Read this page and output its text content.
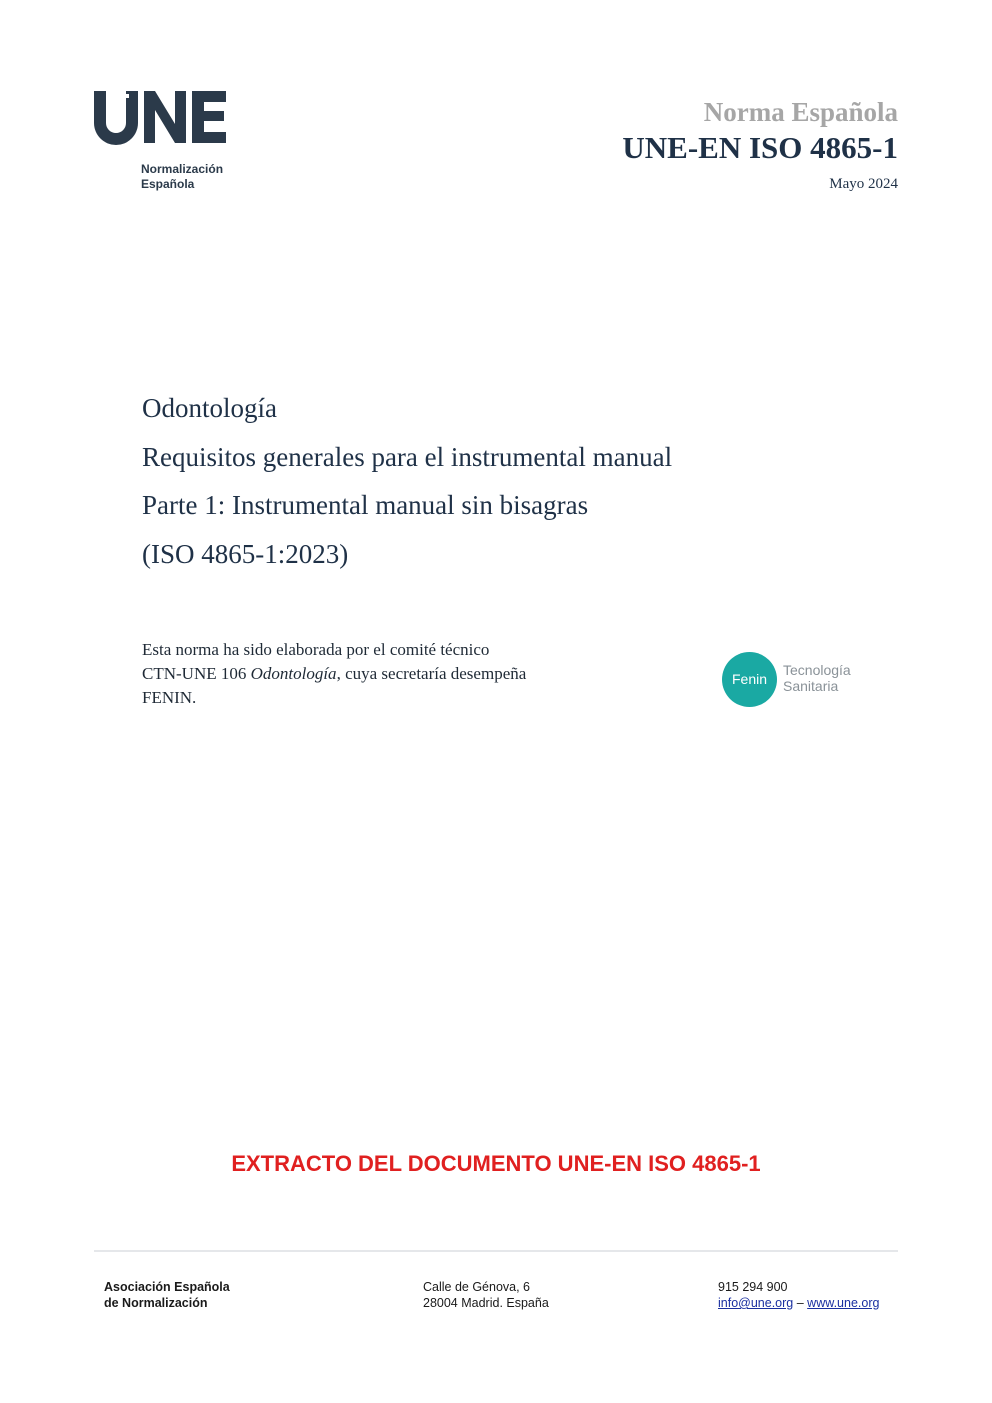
Normalización
Española
Norma Española
UNE-EN ISO 4865-1
Mayo 2024
Odontología
Requisitos generales para el instrumental manual
Parte 1: Instrumental manual sin bisagras
(ISO 4865-1:2023)
Esta norma ha sido elaborada por el comité técnico
CTN-UNE 106 Odontología, cuya secretaría desempeña
FENIN.
Fenin
Tecnología
Sanitaria
EXTRACTO DEL DOCUMENTO UNE-EN ISO 4865-1
Asociación Española
de Normalización
Calle de Génova, 6
28004 Madrid. España
915 294 900
info@une.org – www.une.org
